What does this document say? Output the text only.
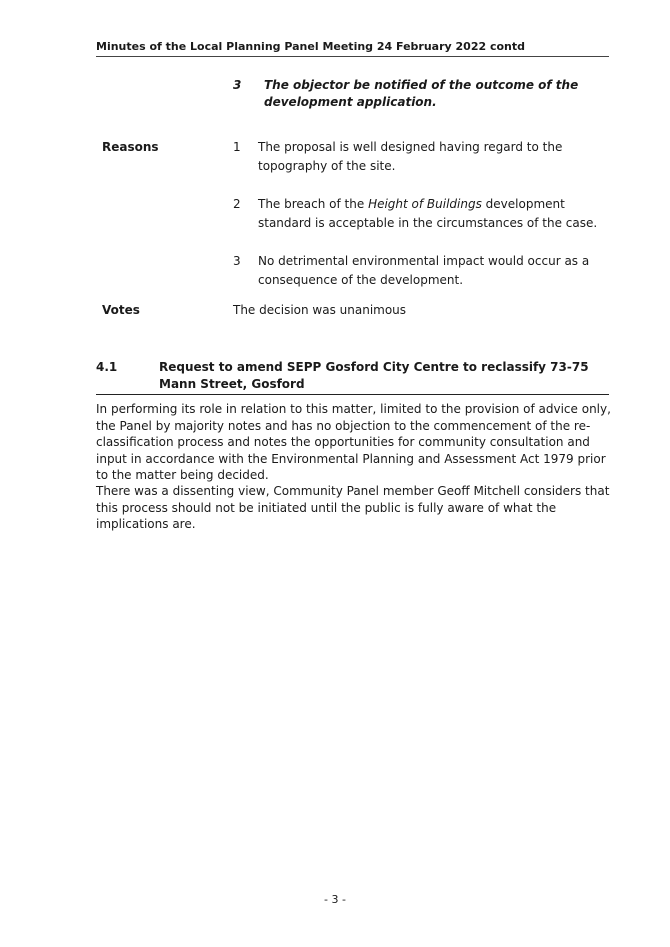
Minutes of the Local Planning Panel Meeting 24 February 2022 contd
3 The objector be notified of the outcome of the development application.
Reasons	1 The proposal is well designed having regard to the topography of the site.
2 The breach of the Height of Buildings development standard is acceptable in the circumstances of the case.
3 No detrimental environmental impact would occur as a consequence of the development.
Votes	The decision was unanimous
4.1	Request to amend SEPP Gosford City Centre to reclassify 73-75 Mann Street, Gosford
In performing its role in relation to this matter, limited to the provision of advice only, the Panel by majority notes and has no objection to the commencement of the re-classification process and notes the opportunities for community consultation and input in accordance with the Environmental Planning and Assessment Act 1979 prior to the matter being decided.
There was a dissenting view, Community Panel member Geoff Mitchell considers that this process should not be initiated until the public is fully aware of what the implications are.
- 3 -
